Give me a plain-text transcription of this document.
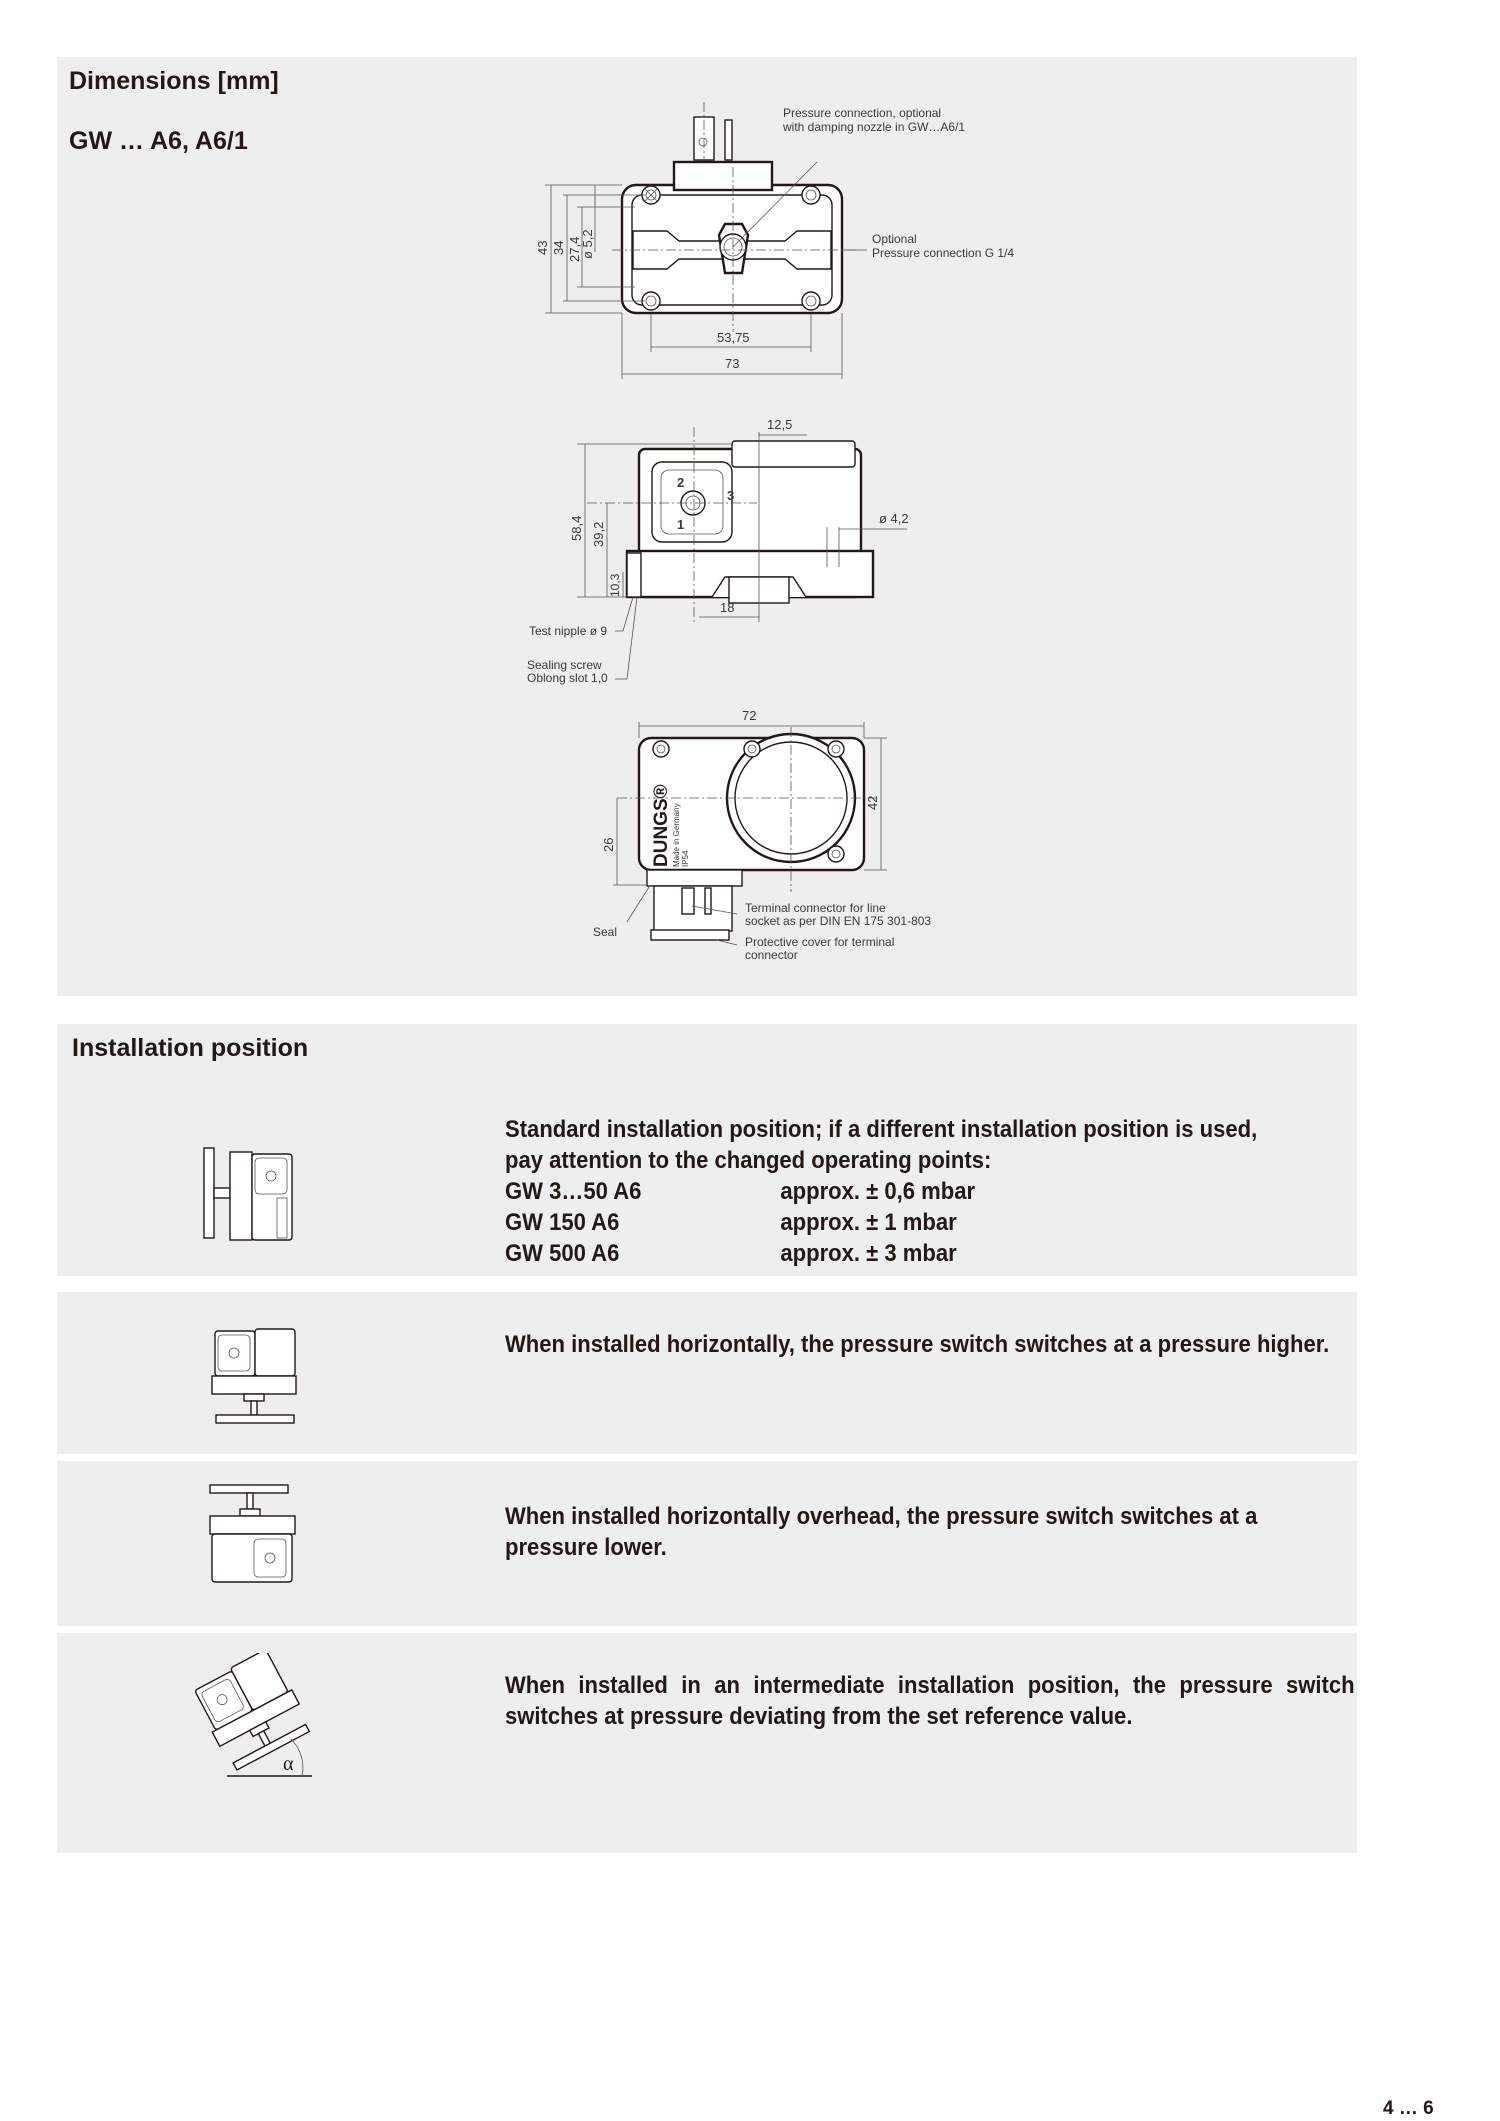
Dimensions [mm]
GW … A6, A6/1
Pressure connection, optional
with damping nozzle in GW…A6/1
Optional
Pressure connection G 1/4
43 34 27,4
ø 5,2
53,75
73
2
1
3
58,4 39,2
10,3
12,5
ø 4,2
18
Test nipple ø 9
Sealing screw
Oblong slot 1,0
DUNGS® Made in Germany IP54
72
42
26
Seal
Terminal connector for line
socket as per DIN EN 175 301-803
Protective cover for terminal
connector
Installation position
Standard installation position; if a different installation position is used,
pay attention to the changed operating points:
GW 3…50 A6	approx. ± 0,6 mbar
GW 150 A6	approx. ± 1 mbar
GW 500 A6	approx. ± 3 mbar
When installed horizontally, the pressure switch switches at a pressure higher.
When installed horizontally overhead, the pressure switch switches at a pressure lower.
α
When installed in an intermediate installation position, the pressure switch switches at pressure deviating from the set reference value.
4 … 6
